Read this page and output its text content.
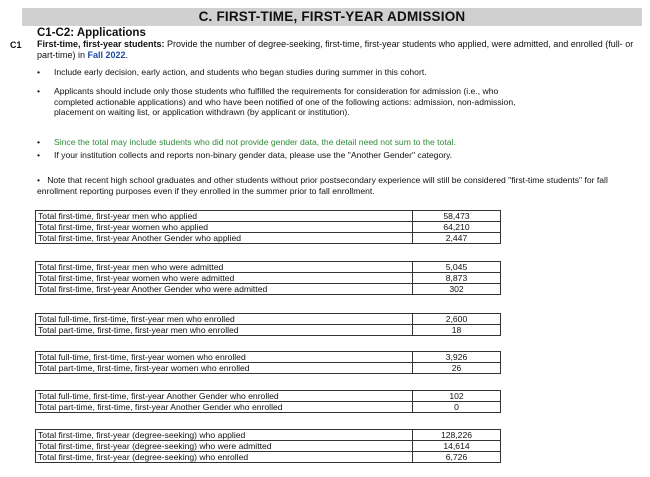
C. FIRST-TIME, FIRST-YEAR ADMISSION
C1-C2: Applications
C1 First-time, first-year students: Provide the number of degree-seeking, first-time, first-year students who applied, were admitted, and enrolled (full- or part-time) in Fall 2022.
• Include early decision, early action, and students who began studies during summer in this cohort.
• Applicants should include only those students who fulfilled the requirements for consideration for admission (i.e., who completed actionable applications) and who have been notified of one of the following actions: admission, non-admission, placement on waiting list, or application withdrawn (by applicant or institution).
• Since the total may include students who did not provide gender data, the detail need not sum to the total.
• If your institution collects and reports non-binary gender data, please use the "Another Gender" category.
• Note that recent high school graduates and other students without prior postsecondary experience will still be considered "first-time students" for fall enrollment reporting purposes even if they enrolled in the summer prior to fall enrollment.
Total first-time, first-year men who applied	58,473
Total first-time, first-year women who applied	64,210
Total first-time, first-year Another Gender who applied	2,447
Total first-time, first-year men who were admitted	5,045
Total first-time, first-year women who were admitted	8,873
Total first-time, first-year Another Gender who were admitted	302
Total full-time, first-time, first-year men who enrolled	2,600
Total part-time, first-time, first-year men who enrolled	18
Total full-time, first-time, first-year women who enrolled	3,926
Total part-time, first-time, first-year women who enrolled	26
Total full-time, first-time, first-year Another Gender who enrolled	102
Total part-time, first-time, first-year Another Gender who enrolled	0
Total first-time, first-year (degree-seeking) who applied	128,226
Total first-time, first-year (degree-seeking) who were admitted	14,614
Total first-time, first-year (degree-seeking) who enrolled	6,726
